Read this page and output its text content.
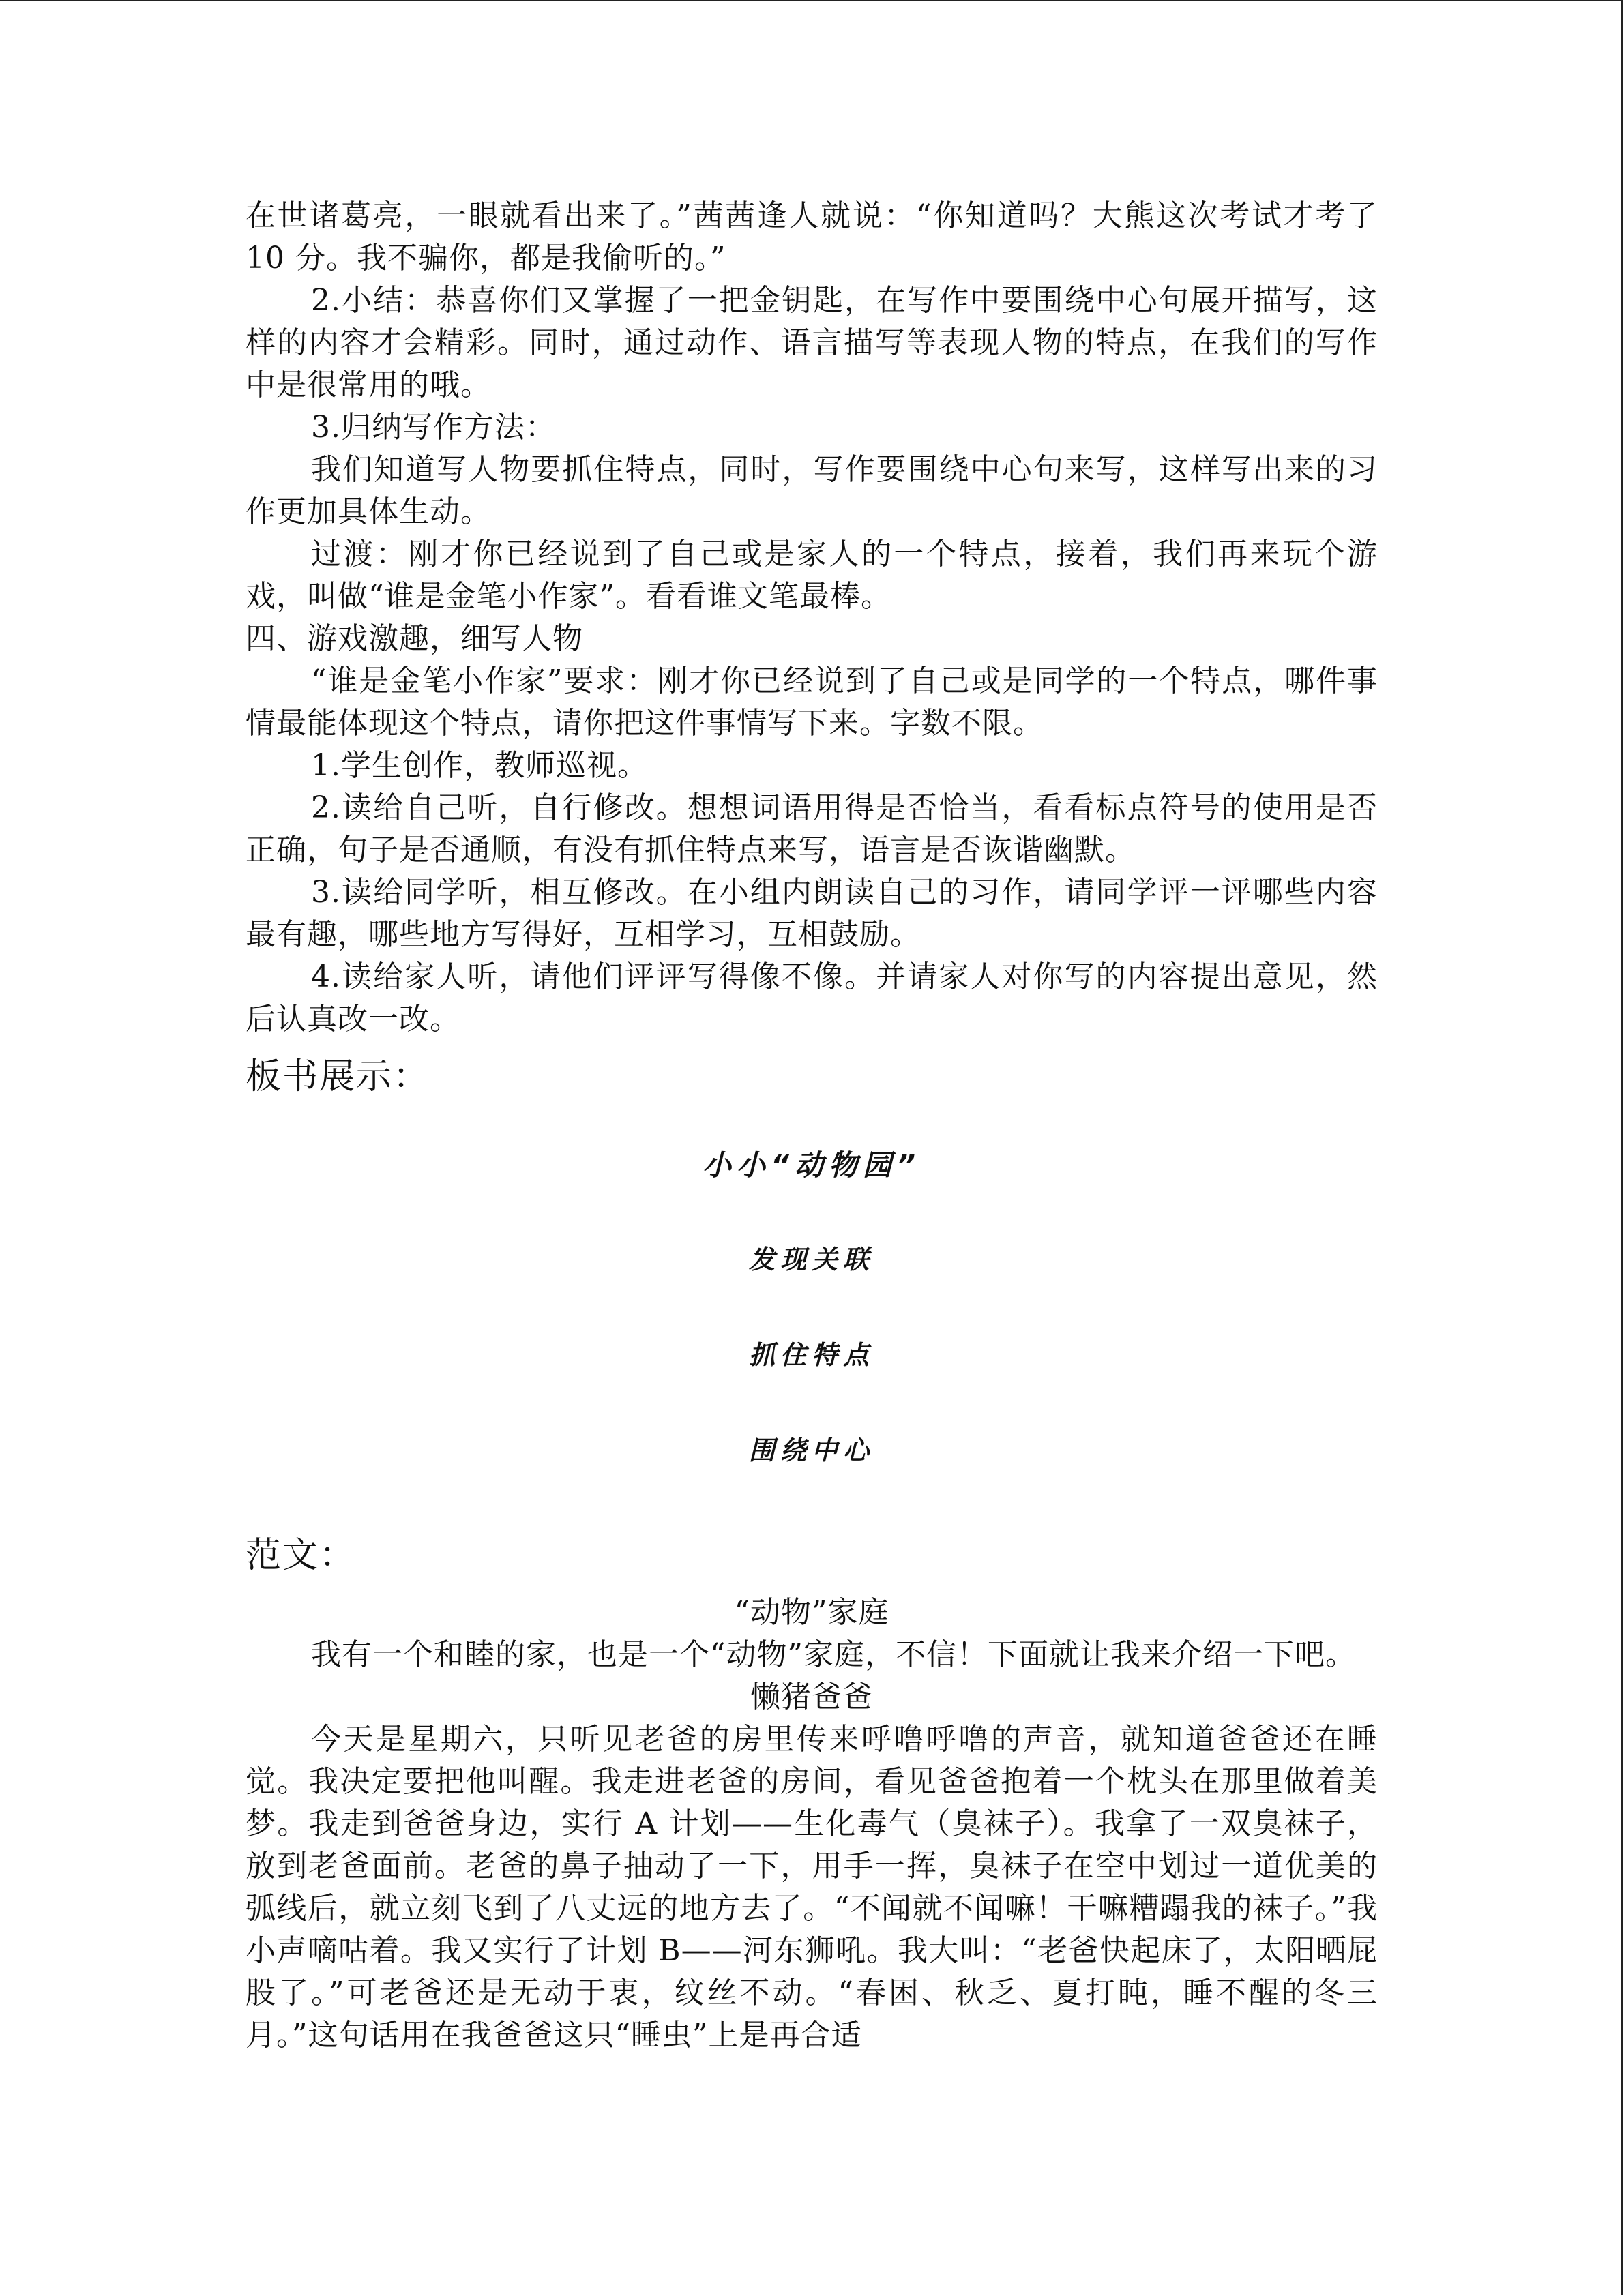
在世诸葛亮，一眼就看出来了。”茜茜逢人就说：“你知道吗？大熊这次考试才考了 10 分。我不骗你，都是我偷听的。”

2.小结：恭喜你们又掌握了一把金钥匙，在写作中要围绕中心句展开描写，这样的内容才会精彩。同时，通过动作、语言描写等表现人物的特点，在我们的写作中是很常用的哦。

3.归纳写作方法：

我们知道写人物要抓住特点，同时，写作要围绕中心句来写，这样写出来的习作更加具体生动。

过渡：刚才你已经说到了自己或是家人的一个特点，接着，我们再来玩个游戏，叫做“谁是金笔小作家”。看看谁文笔最棒。

四、游戏激趣，细写人物

“谁是金笔小作家”要求：刚才你已经说到了自己或是同学的一个特点，哪件事情最能体现这个特点，请你把这件事情写下来。字数不限。

1.学生创作，教师巡视。

2.读给自己听，自行修改。想想词语用得是否恰当，看看标点符号的使用是否正确，句子是否通顺，有没有抓住特点来写，语言是否诙谐幽默。

3.读给同学听，相互修改。在小组内朗读自己的习作，请同学评一评哪些内容最有趣，哪些地方写得好，互相学习，互相鼓励。

4.读给家人听，请他们评评写得像不像。并请家人对你写的内容提出意见，然后认真改一改。

板书展示：

小小“动物园”
发现关联
抓住特点
围绕中心

范文：

“动物”家庭

我有一个和睦的家，也是一个“动物”家庭，不信！下面就让我来介绍一下吧。

懒猪爸爸

今天是星期六，只听见老爸的房里传来呼噜呼噜的声音，就知道爸爸还在睡觉。我决定要把他叫醒。我走进老爸的房间，看见爸爸抱着一个枕头在那里做着美梦。我走到爸爸身边，实行 A 计划——生化毒气（臭袜子）。我拿了一双臭袜子，放到老爸面前。老爸的鼻子抽动了一下，用手一挥，臭袜子在空中划过一道优美的弧线后，就立刻飞到了八丈远的地方去了。“不闻就不闻嘛！干嘛糟蹋我的袜子。”我小声嘀咕着。我又实行了计划 B——河东狮吼。我大叫：“老爸快起床了，太阳晒屁股了。”可老爸还是无动于衷，纹丝不动。“春困、秋乏、夏打盹，睡不醒的冬三月。”这句话用在我爸爸这只“睡虫”上是再合适
